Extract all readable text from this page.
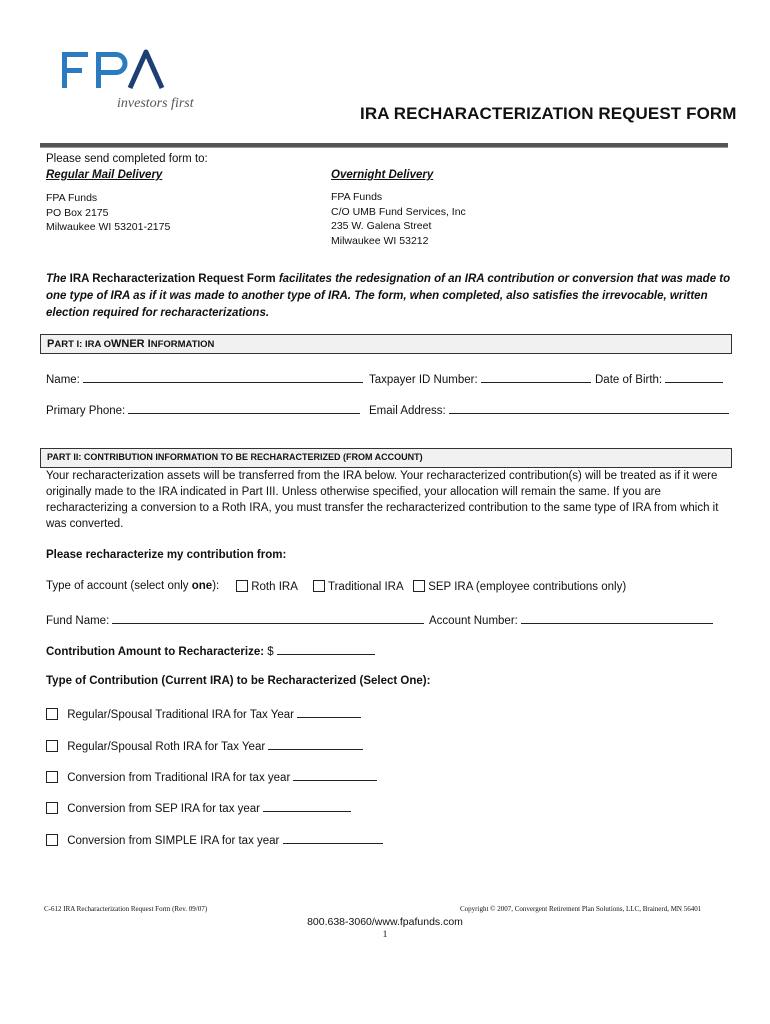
investors first
IRA RECHARACTERIZATION REQUEST FORM
Please send completed form to:
Regular Mail Delivery
FPA Funds
PO Box 2175
Milwaukee WI 53201-2175
Overnight Delivery
FPA Funds
C/O UMB Fund Services, Inc
235 W. Galena Street
Milwaukee WI 53212
The IRA Recharacterization Request Form facilitates the redesignation of an IRA contribution or conversion that was made to one type of IRA as if it was made to another type of IRA. The form, when completed, also satisfies the irrevocable, written election required for recharacterizations.
PART I: IRA OWNER INFORMATION
Name:	Taxpayer ID Number:	Date of Birth:
Primary Phone:	Email Address:
PART II: CONTRIBUTION INFORMATION TO BE RECHARACTERIZED (FROM ACCOUNT)
Your recharacterization assets will be transferred from the IRA below. Your recharacterized contribution(s) will be treated as if it were originally made to the IRA indicated in Part III. Unless otherwise specified, your allocation will remain the same. If you are recharacterizing a conversion to a Roth IRA, you must transfer the recharacterized contribution to the same type of IRA from which it was converted.
Please recharacterize my contribution from:
Type of account (select only one):	Roth IRA	Traditional IRA	SEP IRA (employee contributions only)
Fund Name:	Account Number:
Contribution Amount to Recharacterize: $
Type of Contribution (Current IRA) to be Recharacterized (Select One):
Regular/Spousal Traditional IRA for Tax Year
Regular/Spousal Roth IRA for Tax Year
Conversion from Traditional IRA for tax year
Conversion from SEP IRA for tax year
Conversion from SIMPLE IRA for tax year
C-612 IRA Recharacterization Request Form (Rev. 09/07)	Copyright © 2007, Convergent Retirement Plan Solutions, LLC, Brainerd, MN 56401
800.638-3060/www.fpafunds.com
1
